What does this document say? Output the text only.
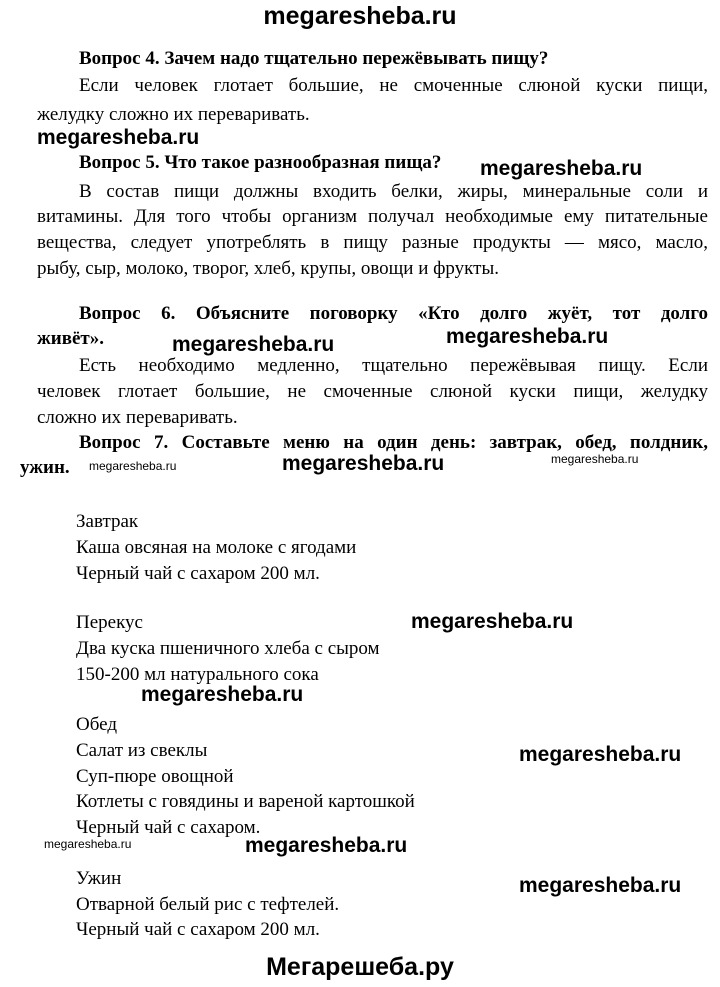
megaresheba.ru
Вопрос 4. Зачем надо тщательно пережёвывать пищу?
Если человек глотает большие, не смоченные слюной куски пищи,
желудку сложно их переваривать.
megaresheba.ru
Вопрос 5. Что такое разнообразная пища? megaresheba.ru
В состав пищи должны входить белки, жиры, минеральные соли и
витамины. Для того чтобы организм получал необходимые ему питательные
вещества, следует употреблять в пищу разные продукты — мясо, масло,
рыбу, сыр, молоко, творог, хлеб, крупы, овощи и фрукты.
Вопрос 6. Объясните поговорку «Кто долго жуёт, тот долго
живёт».	megaresheba.ru	megaresheba.ru
Есть необходимо медленно, тщательно пережёвывая пищу. Если
человек глотает большие, не смоченные слюной куски пищи, желудку
сложно их переваривать.
Вопрос 7. Составьте меню на один день: завтрак, обед, полдник,
ужин. megaresheba.ru	megaresheba.ru	megaresheba.ru
Завтрак
Каша овсяная на молоке с ягодами
Черный чай с сахаром 200 мл.
Перекус	megaresheba.ru
Два куска пшеничного хлеба с сыром
150-200 мл натурального сока
megaresheba.ru
Обед
Салат из свеклы	megaresheba.ru
Суп-пюре овощной
Котлеты с говядины и вареной картошкой
Черный чай с сахаром.
megaresheba.ru	megaresheba.ru
Ужин	megaresheba.ru
Отварной белый рис с тефтелей.
Черный чай с сахаром 200 мл.
Мегарешеба.ру
